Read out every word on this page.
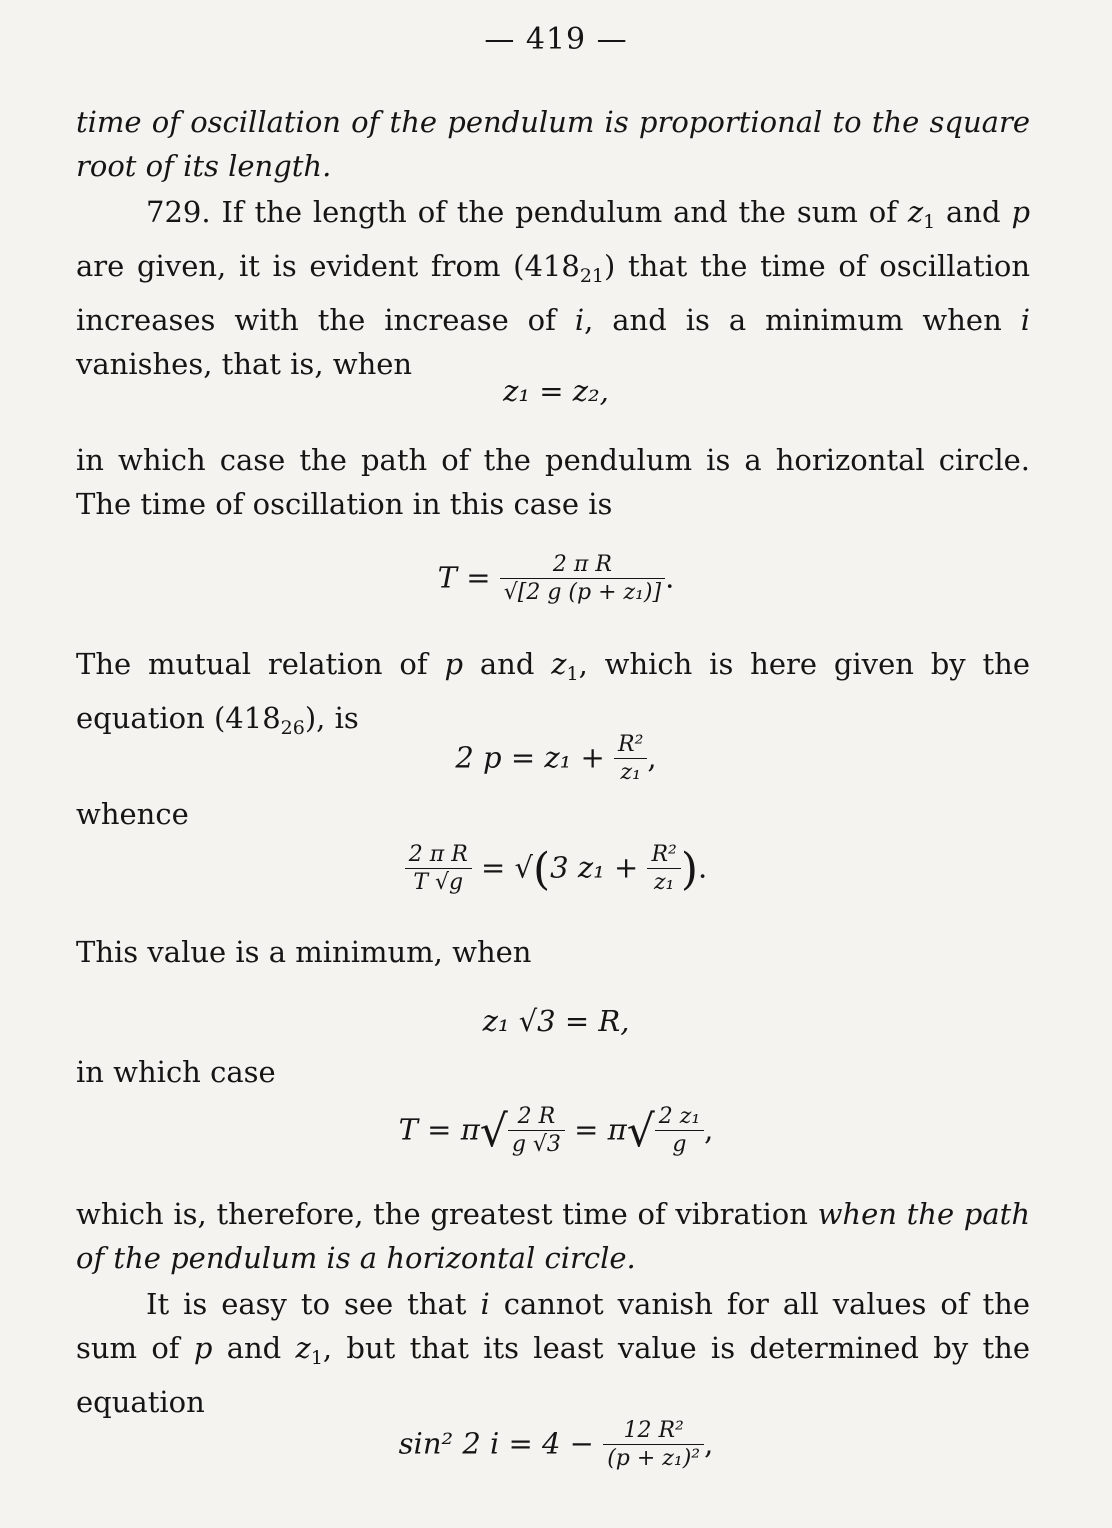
— 419 —
time of oscillation of the pendulum is proportional to the square root of its length.
729. If the length of the pendulum and the sum of $z_1$ and p are given, it is evident from $(418_{21})$ that the time of oscillation increases with the increase of i, and is a minimum when i vanishes, that is, when
z₁ = z₂,
in which case the path of the pendulum is a horizontal circle. The time of oscillation in this case is
$T = \frac{\text{2 π R}}{\text{√[2 g (p + z₁)]}}$ .
The mutual relation of p and $z_1$, which is here given by the equation $(418_{26})$, is
2 $p = z_1 + \frac{\text{R²}}{\text{z₁}}$ ,
whence
$\frac{\text{2 π R}}{T √g} = √(3$ $z_1 + \frac{\text{R²}}{\text{z₁}}$ ).
This value is a minimum, when
z₁ √3 = R,
in which case
$T = \pi√ \frac{2 R}{g √3} = \pi√ \frac{\text{2 z₁}}{g}$ ,
which is, therefore, the greatest time of vibration when the path of the pendulum is a horizontal circle.
It is easy to see that i cannot vanish for all values of the sum of p and $z_1$, but that its least value is determined by the equation
sin² 2 $i = 4 - \frac{\text{12 R²}}{\text{(p + z₁)²}}$ ,
